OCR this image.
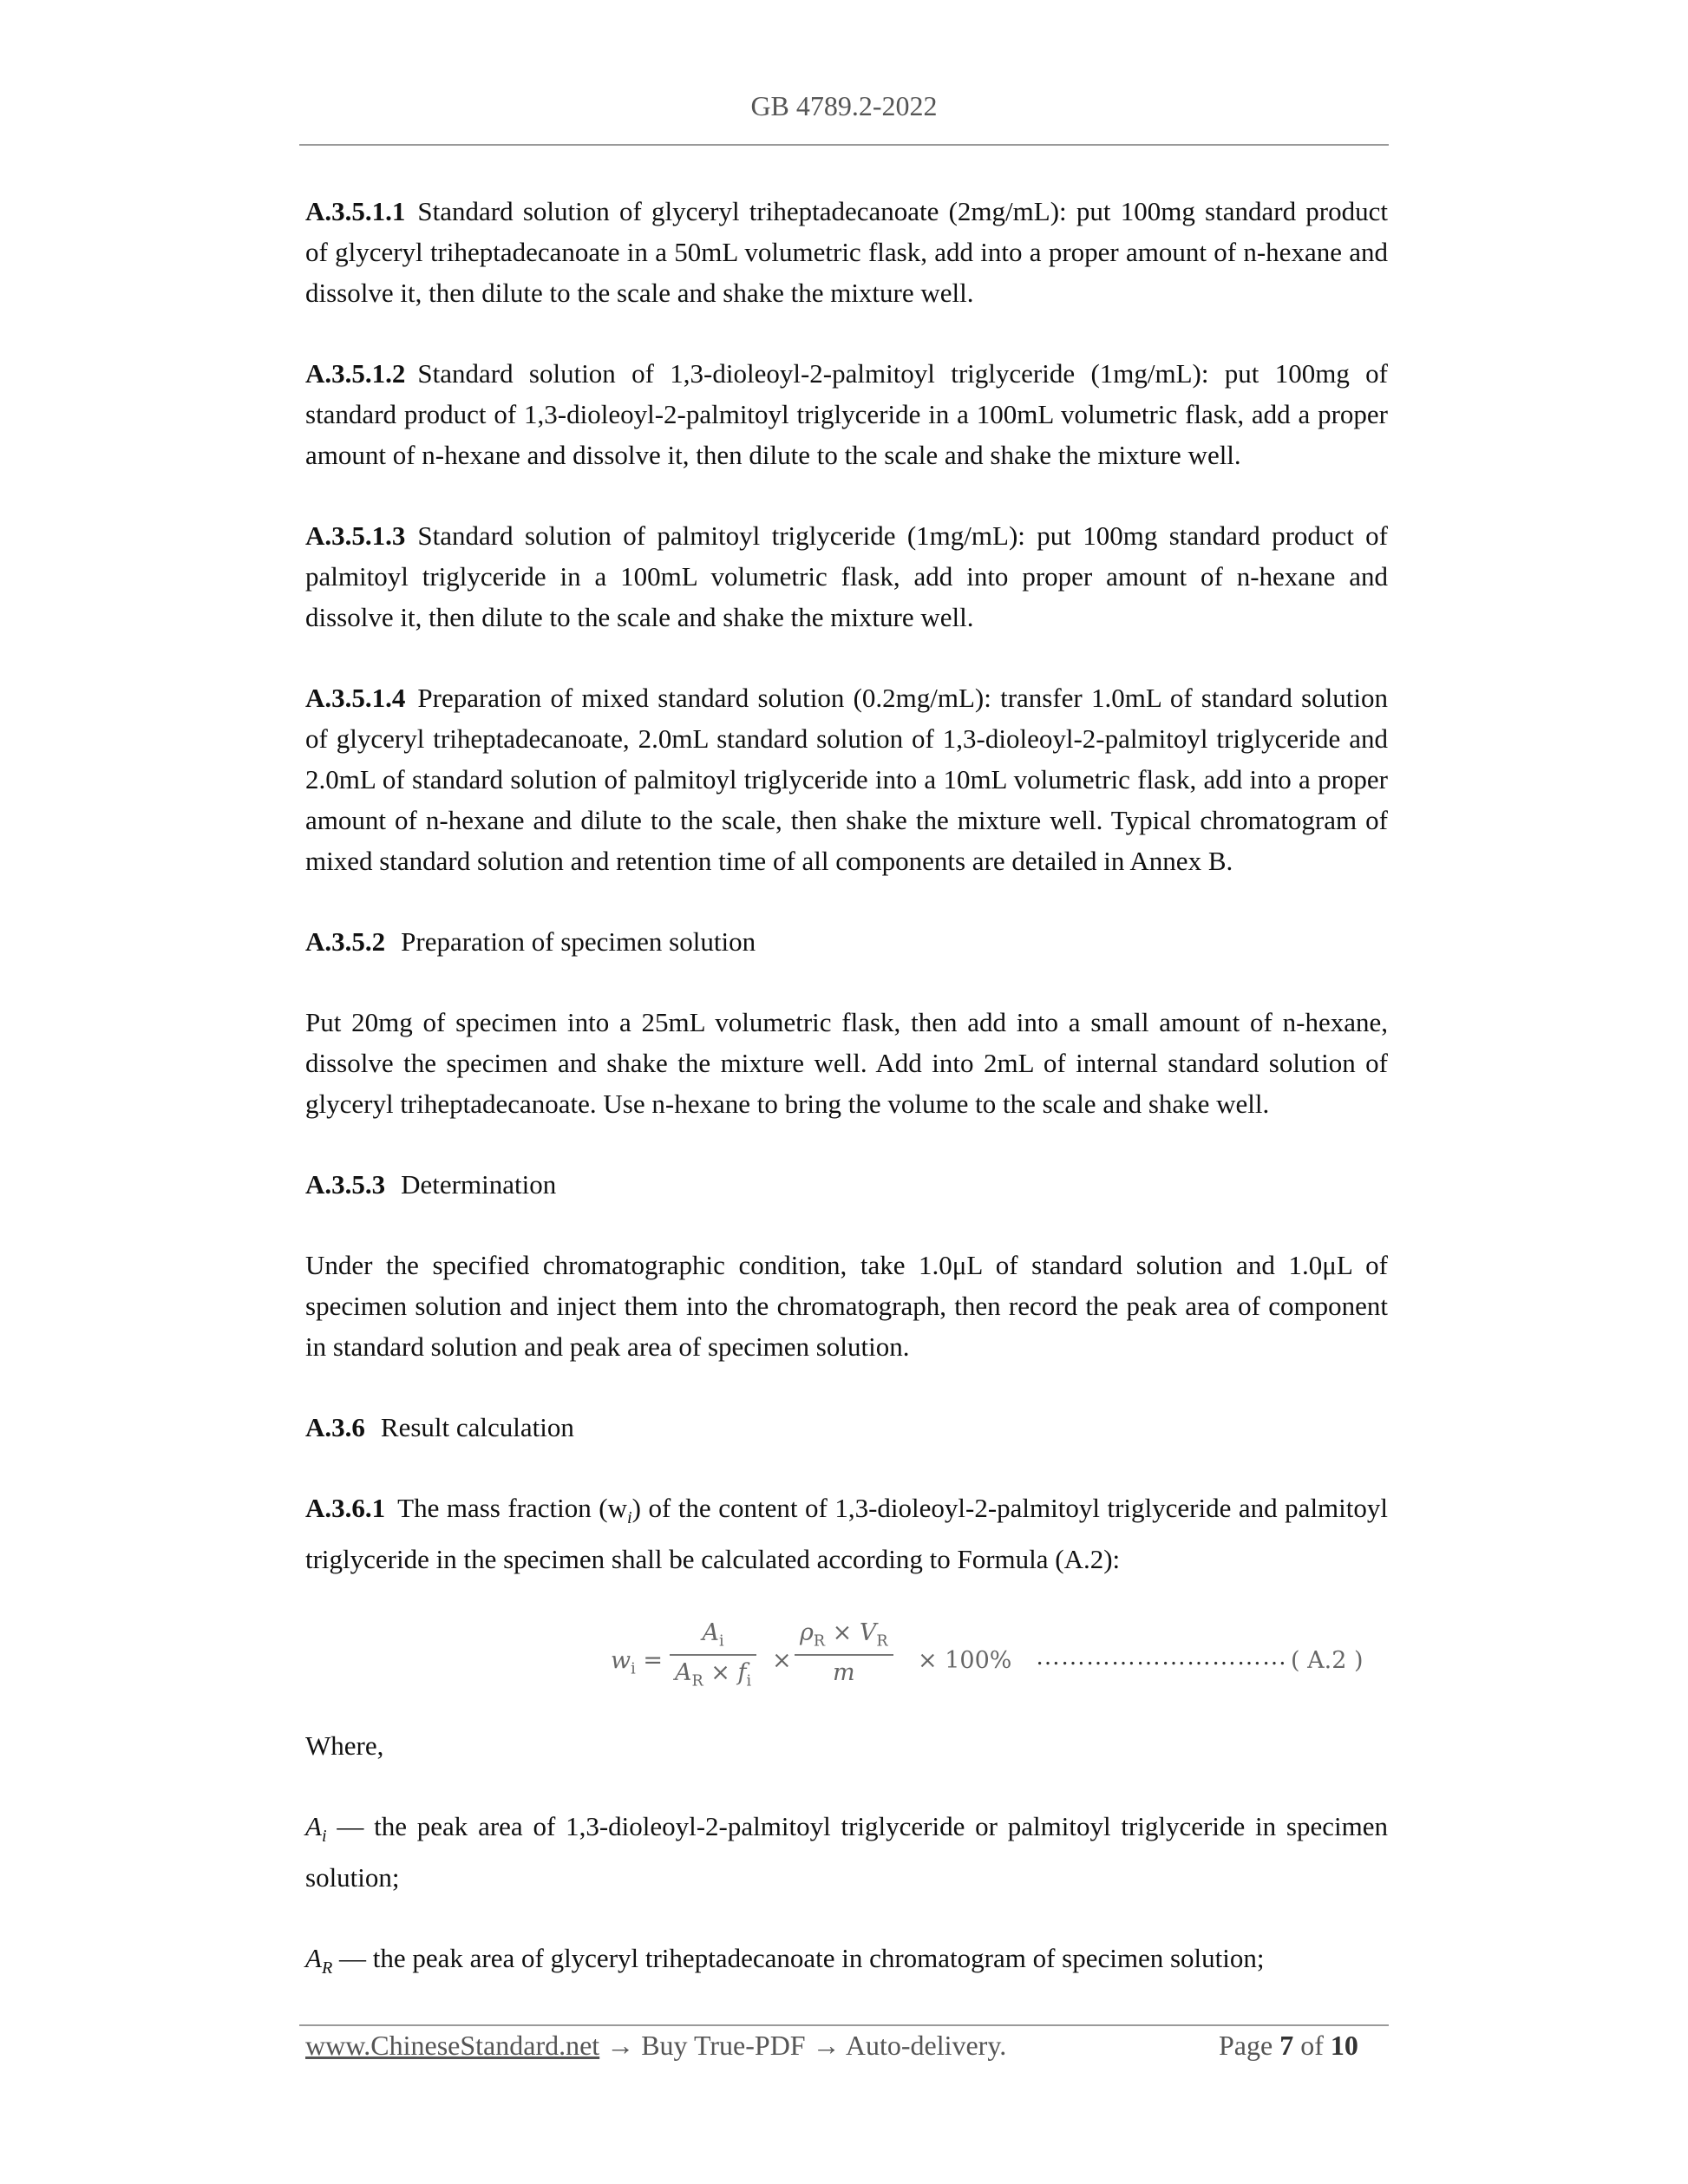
GB 4789.2-2022

A.3.5.1.1 Standard solution of glyceryl triheptadecanoate (2mg/mL): put 100mg standard product of glyceryl triheptadecanoate in a 50mL volumetric flask, add into a proper amount of n-hexane and dissolve it, then dilute to the scale and shake the mixture well.

A.3.5.1.2 Standard solution of 1,3-dioleoyl-2-palmitoyl triglyceride (1mg/mL): put 100mg of standard product of 1,3-dioleoyl-2-palmitoyl triglyceride in a 100mL volumetric flask, add a proper amount of n-hexane and dissolve it, then dilute to the scale and shake the mixture well.

A.3.5.1.3 Standard solution of palmitoyl triglyceride (1mg/mL): put 100mg standard product of palmitoyl triglyceride in a 100mL volumetric flask, add into proper amount of n-hexane and dissolve it, then dilute to the scale and shake the mixture well.

A.3.5.1.4 Preparation of mixed standard solution (0.2mg/mL): transfer 1.0mL of standard solution of glyceryl triheptadecanoate, 2.0mL standard solution of 1,3-dioleoyl-2-palmitoyl triglyceride and 2.0mL of standard solution of palmitoyl triglyceride into a 10mL volumetric flask, add into a proper amount of n-hexane and dilute to the scale, then shake the mixture well. Typical chromatogram of mixed standard solution and retention time of all components are detailed in Annex B.

A.3.5.2 Preparation of specimen solution

Put 20mg of specimen into a 25mL volumetric flask, then add into a small amount of n-hexane, dissolve the specimen and shake the mixture well. Add into 2mL of internal standard solution of glyceryl triheptadecanoate. Use n-hexane to bring the volume to the scale and shake well.

A.3.5.3 Determination

Under the specified chromatographic condition, take 1.0μL of standard solution and 1.0μL of specimen solution and inject them into the chromatograph, then record the peak area of component in standard solution and peak area of specimen solution.

A.3.6 Result calculation

A.3.6.1 The mass fraction $(w_i)$ of the content of 1,3-dioleoyl-2-palmitoyl triglyceride and palmitoyl triglyceride in the specimen shall be calculated according to Formula (A.2):

$w_i = \frac{A_i}{A_R \times f_i} \times \frac{\rho_R \times V_R}{m} \times 100\%$ ………………………… ( A.2 )

Where,

$A_i$ — the peak area of 1,3-dioleoyl-2-palmitoyl triglyceride or palmitoyl triglyceride in specimen solution;

$A_R$ — the peak area of glyceryl triheptadecanoate in chromatogram of specimen solution;

www.ChineseStandard.net → Buy True-PDF → Auto-delivery.	Page 7 of 10
